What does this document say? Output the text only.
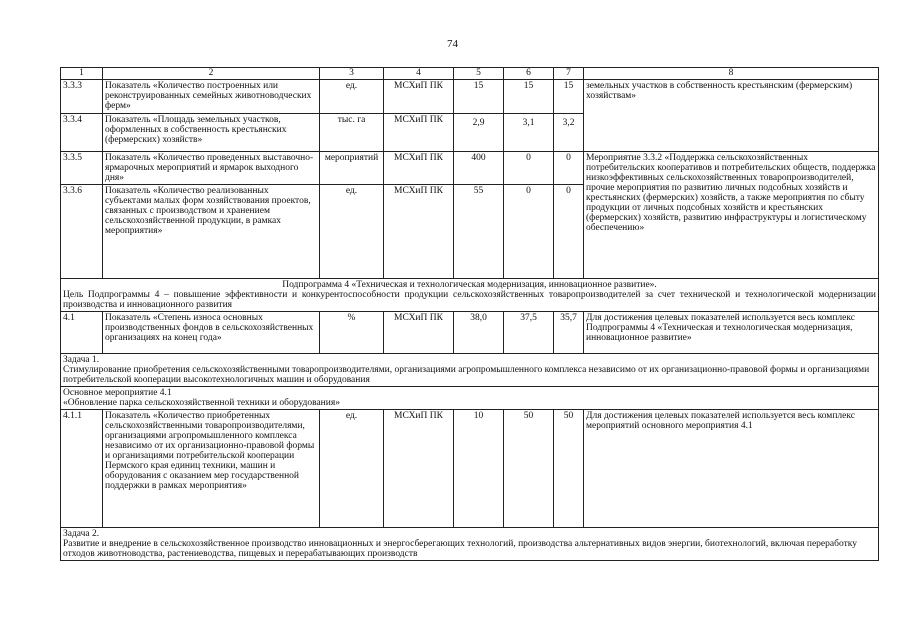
74
1	2	3	4	5	6	7	8
3.3.3	Показатель «Количество построенных или реконструированных семейных животноводческих ферм»	ед.	МСХиП ПК	15	15	15	земельных участков в собственность крестьянским (фермерским) хозяйствам»
3.3.4	Показатель «Площадь земельных участков, оформленных в собственность крестьянских (фермерских) хозяйств»	тыс. га	МСХиП ПК	2,9	3,1	3,2	
3.3.5	Показатель «Количество проведенных выставочно-ярмарочных мероприятий и ярмарок выходного дня»	мероприятий	МСХиП ПК	400	0	0	Мероприятие 3.3.2 «Поддержка сельскохозяйственных потребительских кооперативов и потребительских обществ, поддержка низкоэффективных сельскохозяйственных товаропроизводителей, прочие мероприятия по развитию личных подсобных хозяйств и крестьянских (фермерских) хозяйств, а также мероприятия по сбыту продукции от личных подсобных хозяйств и крестьянских (фермерских) хозяйств, развитию инфраструктуры и логистическому обеспечению»
3.3.6	Показатель «Количество реализованных субъектами малых форм хозяйствования проектов, связанных с производством и хранением сельскохозяйственной продукции, в рамках мероприятия»	ед.	МСХиП ПК	55	0	0	

Подпрограмма 4 «Техническая и технологическая модернизация, инновационное развитие».
Цель Подпрограммы 4 – повышение эффективности и конкурентоспособности продукции сельскохозяйственных товаропроизводителей за счет технической и технологической модернизации производства и инновационного развития							

4.1	Показатель «Степень износа основных производственных фондов в сельскохозяйственных организациях на конец года»	%	МСХиП ПК	38,0	37,5	35,7	Для достижения целевых показателей используется весь комплекс Подпрограммы 4 «Техническая и технологическая модернизация, инновационное развитие»

Задача 1.
Стимулирование приобретения сельскохозяйственными товаропроизводителями, организациями агропромышленного комплекса независимо от их организационно-правовой формы и организациями потребительской кооперации высокотехнологичных машин и оборудования							

Основное мероприятие 4.1
«Обновление парка сельскохозяйственной техники и оборудования»							

4.1.1	Показатель «Количество приобретенных сельскохозяйственными товаропроизводителями, организациями агропромышленного комплекса независимо от их организационно-правовой формы и организациями потребительской кооперации Пермского края единиц техники, машин и оборудования с оказанием мер государственной поддержки в рамках мероприятия»	ед.	МСХиП ПК	10	50	50	Для достижения целевых показателей используется весь комплекс мероприятий основного мероприятия 4.1

Задача 2.
Развитие и внедрение в сельскохозяйственное производство инновационных и энергосберегающих технологий, производства альтернативных видов энергии, биотехнологий, включая переработку отходов животноводства, растениеводства, пищевых и перерабатывающих производств							
